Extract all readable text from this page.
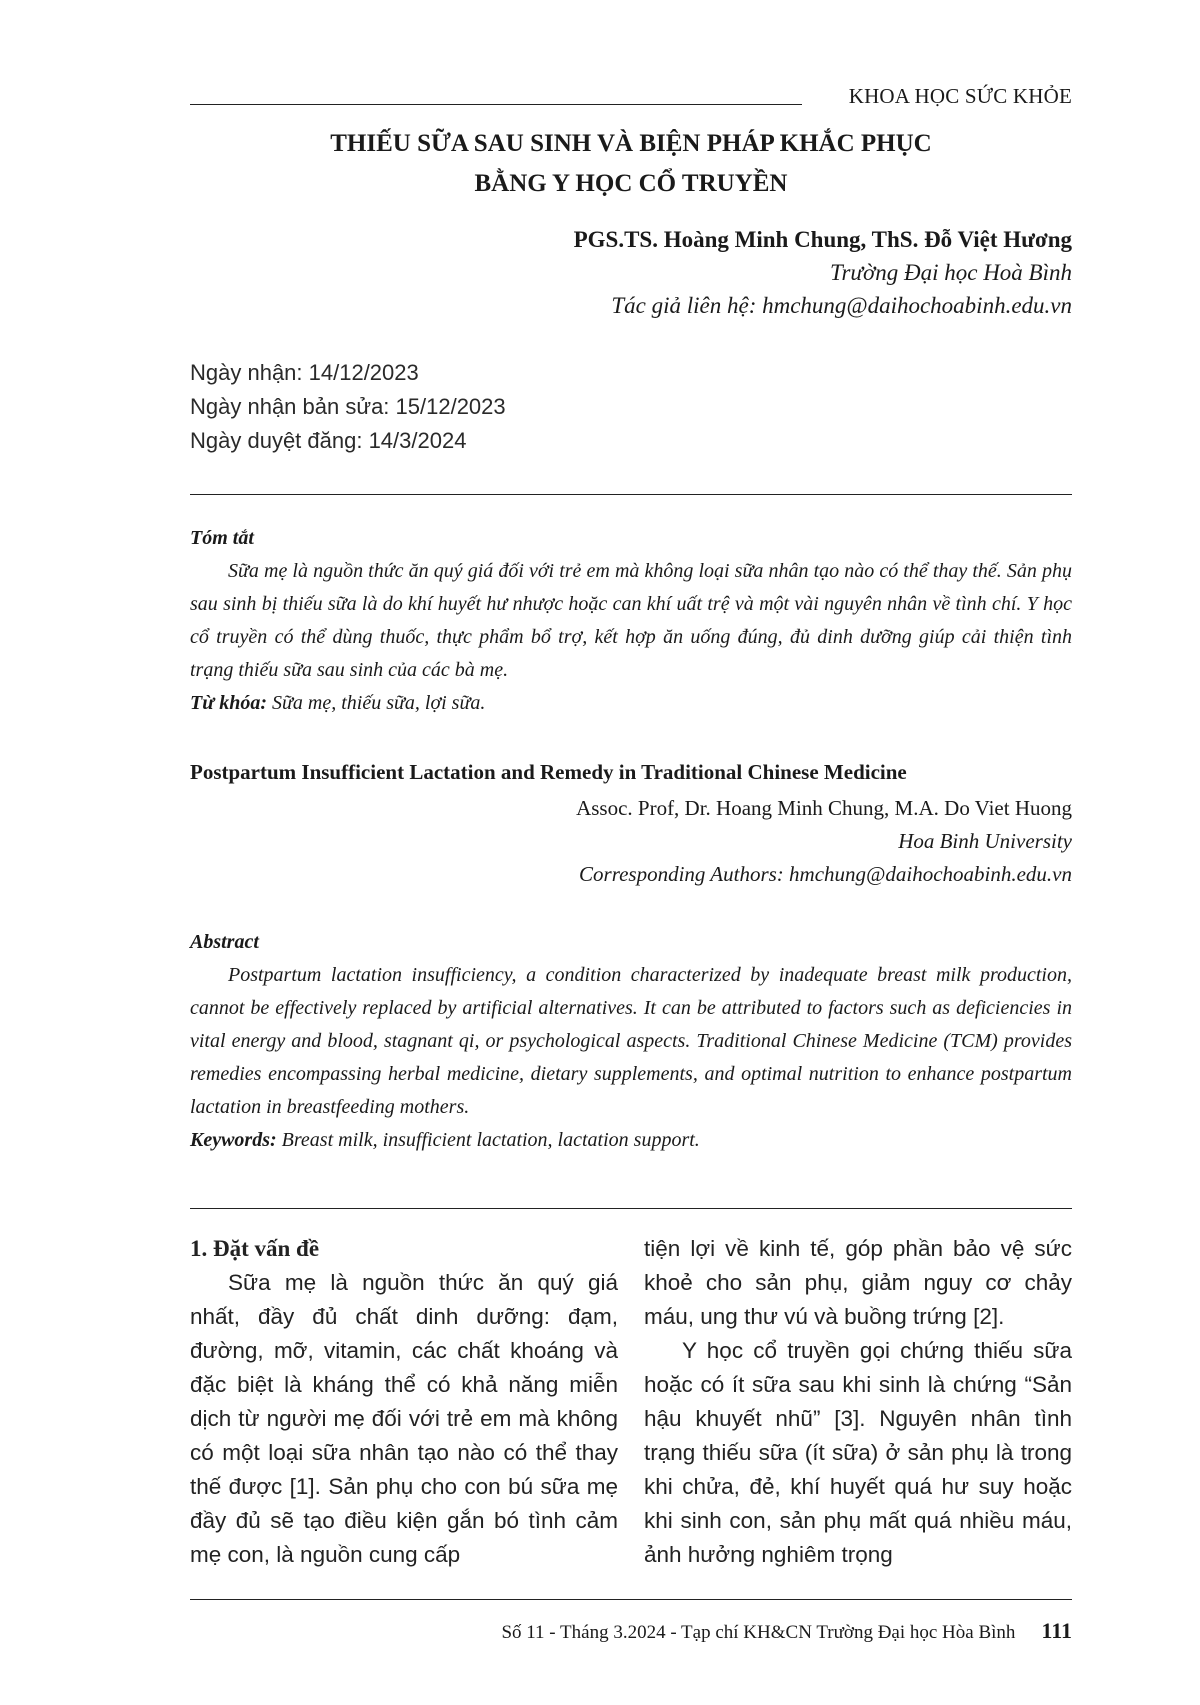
KHOA HỌC SỨC KHỎE
THIẾU SỮA SAU SINH VÀ BIỆN PHÁP KHẮC PHỤC
BẰNG Y HỌC CỔ TRUYỀN
PGS.TS. Hoàng Minh Chung, ThS. Đỗ Việt Hương
Trường Đại học Hoà Bình
Tác giả liên hệ: hmchung@daihochoabinh.edu.vn
Ngày nhận: 14/12/2023
Ngày nhận bản sửa: 15/12/2023
Ngày duyệt đăng: 14/3/2024
Tóm tắt

Sữa mẹ là nguồn thức ăn quý giá đối với trẻ em mà không loại sữa nhân tạo nào có thể thay thế. Sản phụ sau sinh bị thiếu sữa là do khí huyết hư nhược hoặc can khí uất trệ và một vài nguyên nhân về tình chí. Y học cổ truyền có thể dùng thuốc, thực phẩm bổ trợ, kết hợp ăn uống đúng, đủ dinh dưỡng giúp cải thiện tình trạng thiếu sữa sau sinh của các bà mẹ.

Từ khóa: Sữa mẹ, thiếu sữa, lợi sữa.

Postpartum Insufficient Lactation and Remedy in Traditional Chinese Medicine
Assoc. Prof, Dr. Hoang Minh Chung, M.A. Do Viet Huong
Hoa Binh University
Corresponding Authors: hmchung@daihochoabinh.edu.vn
Abstract

Postpartum lactation insufficiency, a condition characterized by inadequate breast milk production, cannot be effectively replaced by artificial alternatives. It can be attributed to factors such as deficiencies in vital energy and blood, stagnant qi, or psychological aspects. Traditional Chinese Medicine (TCM) provides remedies encompassing herbal medicine, dietary supplements, and optimal nutrition to enhance postpartum lactation in breastfeeding mothers.

Keywords: Breast milk, insufficient lactation, lactation support.

1. Đặt vấn đề

Sữa mẹ là nguồn thức ăn quý giá nhất, đầy đủ chất dinh dưỡng: đạm, đường, mỡ, vitamin, các chất khoáng và đặc biệt là kháng thể có khả năng miễn dịch từ người mẹ đối với trẻ em mà không có một loại sữa nhân tạo nào có thể thay thế được [1]. Sản phụ cho con bú sữa mẹ đầy đủ sẽ tạo điều kiện gắn bó tình cảm mẹ con, là nguồn cung cấp

tiện lợi về kinh tế, góp phần bảo vệ sức khoẻ cho sản phụ, giảm nguy cơ chảy máu, ung thư vú và buồng trứng [2].

Y học cổ truyền gọi chứng thiếu sữa hoặc có ít sữa sau khi sinh là chứng “Sản hậu khuyết nhũ” [3]. Nguyên nhân tình trạng thiếu sữa (ít sữa) ở sản phụ là trong khi chửa, đẻ, khí huyết quá hư suy hoặc khi sinh con, sản phụ mất quá nhiều máu, ảnh hưởng nghiêm trọng

Số 11 - Tháng 3.2024 - Tạp chí KH&CN Trường Đại học Hòa Bình 111
